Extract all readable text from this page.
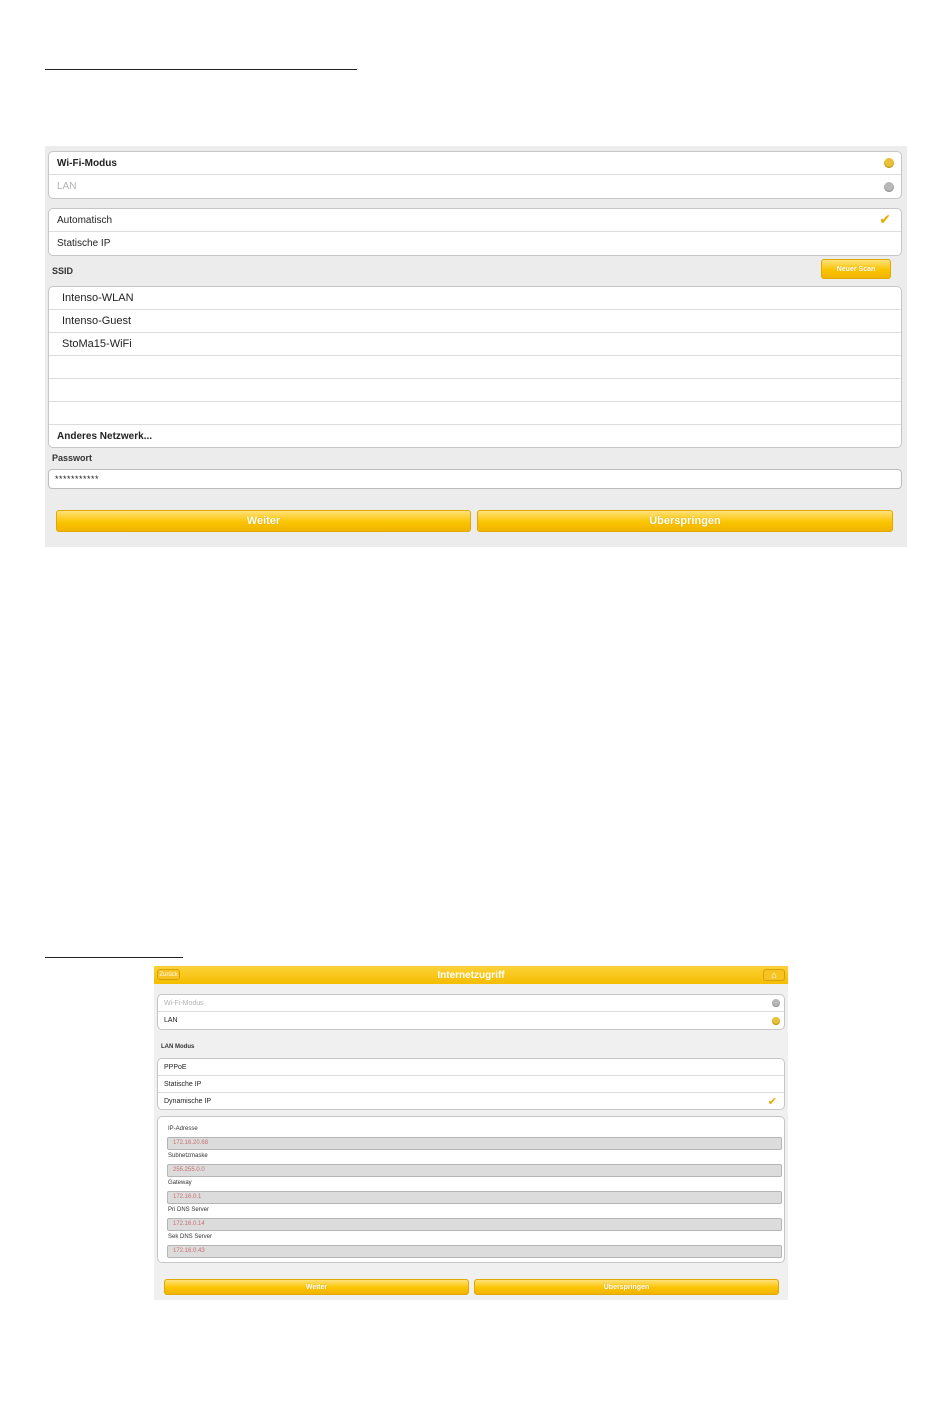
Wi-Fi-Modus
LAN
Automatisch	✔
Statische IP
SSID	Neuer Scan
Intenso-WLAN
Intenso-Guest
StoMa15-WiFi
Anderes Netzwerk...
Passwort
***********
Weiter	Überspringen
Zurück	Internetzugriff	⌂
Wi-Fi-Modus
LAN
LAN Modus
PPPoE
Statische IP
Dynamische IP	✔
IP-Adresse
172.16.20.68
Subnetzmaske
255.255.0.0
Gateway
172.16.0.1
Pri DNS Server
172.16.0.14
Sek DNS Server
172.16.0.43
Weiter	Überspringen
